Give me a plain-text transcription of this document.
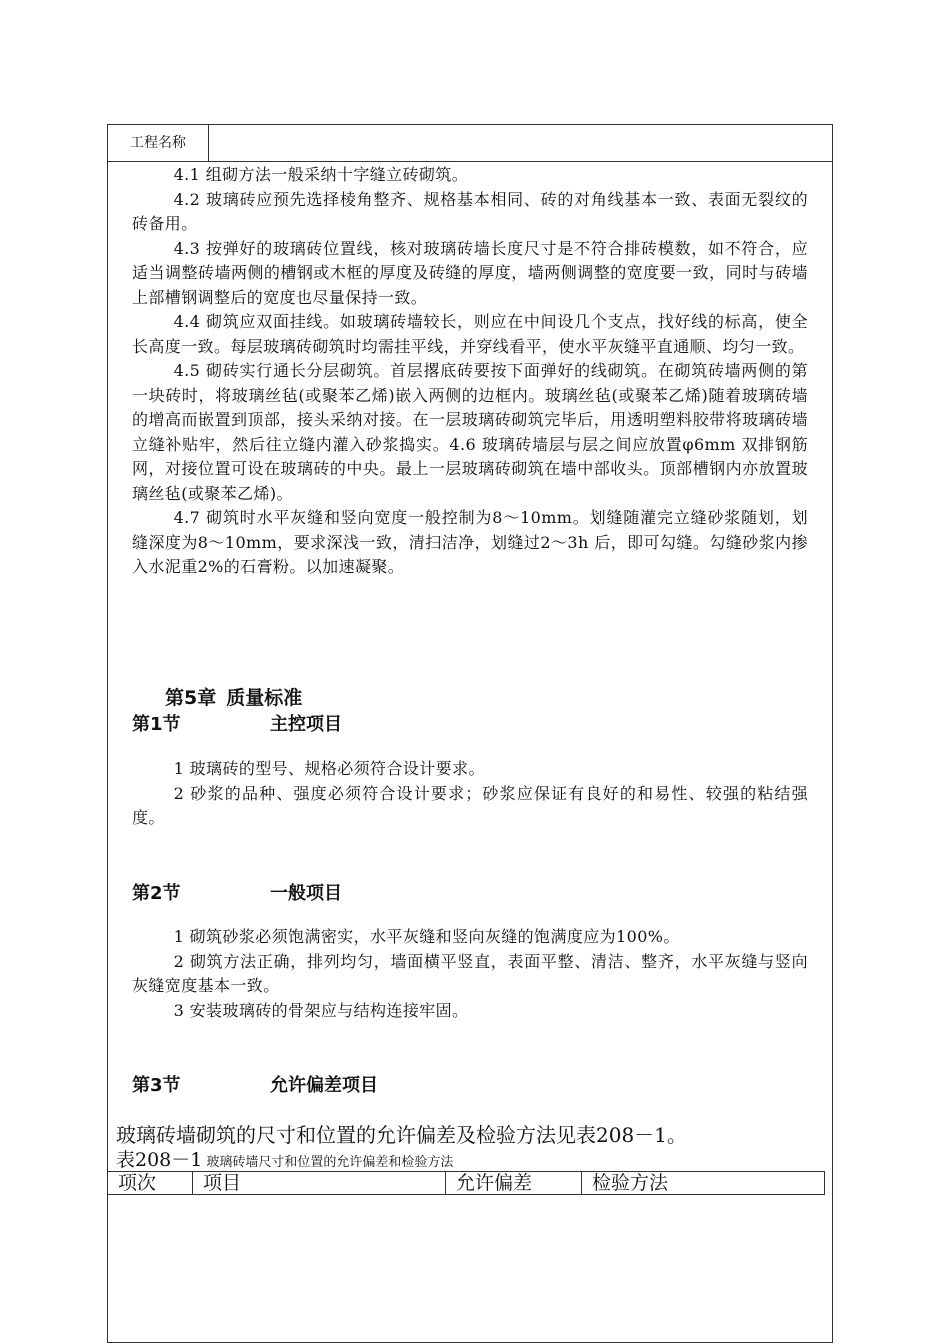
工程名称

4.1 组砌方法一般采纳十字缝立砖砌筑。

4.2 玻璃砖应预先选择棱角整齐、规格基本相同、砖的对角线基本一致、表面无裂纹的砖备用。

4.3 按弹好的玻璃砖位置线，核对玻璃砖墙长度尺寸是不符合排砖模数，如不符合，应适当调整砖墙两侧的槽钢或木框的厚度及砖缝的厚度，墙两侧调整的宽度要一致，同时与砖墙上部槽钢调整后的宽度也尽量保持一致。

4.4 砌筑应双面挂线。如玻璃砖墙较长，则应在中间设几个支点，找好线的标高，使全长高度一致。每层玻璃砖砌筑时均需挂平线，并穿线看平，使水平灰缝平直通顺、均匀一致。

4.5 砌砖实行通长分层砌筑。首层撂底砖要按下面弹好的线砌筑。在砌筑砖墙两侧的第一块砖时，将玻璃丝毡(或聚苯乙烯)嵌入两侧的边框内。玻璃丝毡(或聚苯乙烯)随着玻璃砖墙的增高而嵌置到顶部，接头采纳对接。在一层玻璃砖砌筑完毕后，用透明塑料胶带将玻璃砖墙立缝补贴牢，然后往立缝内灌入砂浆捣实。4.6 玻璃砖墙层与层之间应放置φ6mm 双排钢筋网，对接位置可设在玻璃砖的中央。最上一层玻璃砖砌筑在墙中部收头。顶部槽钢内亦放置玻璃丝毡(或聚苯乙烯)。

4.7 砌筑时水平灰缝和竖向宽度一般控制为8～10mm。划缝随灌完立缝砂浆随划，划缝深度为8～10mm，要求深浅一致，清扫洁净，划缝过2～3h 后，即可勾缝。勾缝砂浆内掺入水泥重2%的石膏粉。以加速凝聚。

第5章 质量标准
第1节	主控项目

1 玻璃砖的型号、规格必须符合设计要求。

2 砂浆的品种、强度必须符合设计要求；砂浆应保证有良好的和易性、较强的粘结强度。

第2节	一般项目

1 砌筑砂浆必须饱满密实，水平灰缝和竖向灰缝的饱满度应为100%。

2 砌筑方法正确，排列均匀，墙面横平竖直，表面平整、清洁、整齐，水平灰缝与竖向灰缝宽度基本一致。

3 安装玻璃砖的骨架应与结构连接牢固。

第3节	允许偏差项目
玻璃砖墙砌筑的尺寸和位置的允许偏差及检验方法见表208－1。
表208－1 玻璃砖墙尺寸和位置的允许偏差和检验方法
项次	项目	允许偏差	检验方法
